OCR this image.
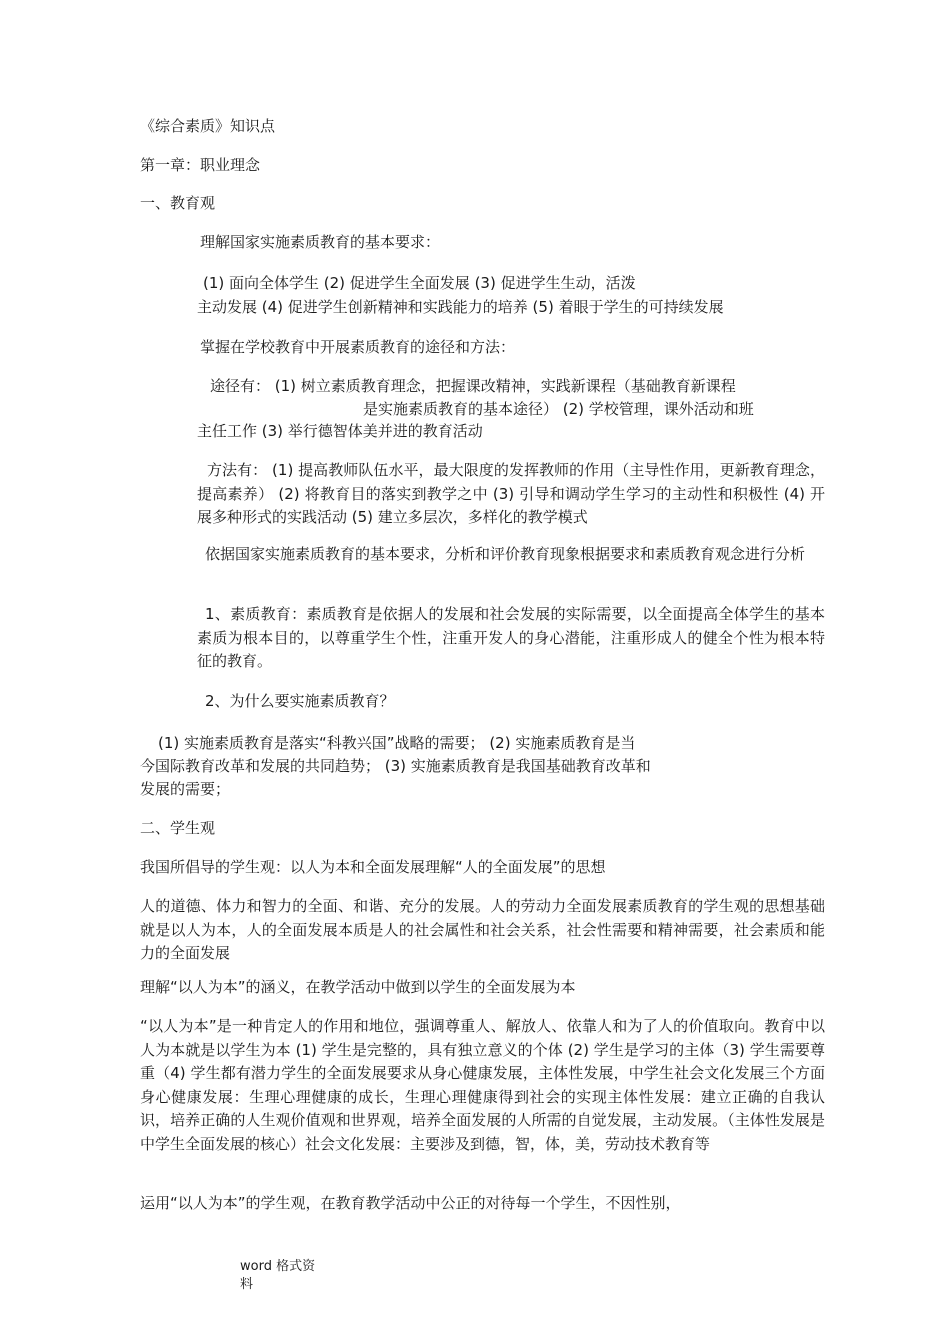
《综合素质》知识点

第一章：职业理念

一、教育观

理解国家实施素质教育的基本要求：

(1) 面向全体学生 (2) 促进学生全面发展 (3) 促进学生生动，活泼

主动发展 (4) 促进学生创新精神和实践能力的培养 (5) 着眼于学生的可持续发展

掌握在学校教育中开展素质教育的途径和方法：

途径有： (1) 树立素质教育理念，把握课改精神，实践新课程（基础教育新课程

是实施素质教育的基本途径） (2) 学校管理，课外活动和班

主任工作 (3) 举行德智体美并进的教育活动

方法有： (1) 提高教师队伍水平，最大限度的发挥教师的作用（主导性作用，更新教育理念，提高素养） (2) 将教育目的落实到教学之中 (3) 引导和调动学生学习的主动性和积极性 (4) 开展多种形式的实践活动 (5) 建立多层次，多样化的教学模式

依据国家实施素质教育的基本要求，分析和评价教育现象根据要求和素质教育观念进行分析

1、素质教育：素质教育是依据人的发展和社会发展的实际需要，以全面提高全体学生的基本素质为根本目的，以尊重学生个性，注重开发人的身心潜能，注重形成人的健全个性为根本特征的教育。

2、为什么要实施素质教育？

(1) 实施素质教育是落实“科教兴国”战略的需要； (2) 实施素质教育是当

今国际教育改革和发展的共同趋势； (3) 实施素质教育是我国基础教育改革和

发展的需要；

二、学生观

我国所倡导的学生观：以人为本和全面发展理解“人的全面发展”的思想

人的道德、体力和智力的全面、和谐、充分的发展。人的劳动力全面发展素质教育的学生观的思想基础就是以人为本，人的全面发展本质是人的社会属性和社会关系，社会性需要和精神需要，社会素质和能力的全面发展

理解“以人为本”的涵义，在教学活动中做到以学生的全面发展为本

“以人为本”是一种肯定人的作用和地位，强调尊重人、解放人、依靠人和为了人的价值取向。教育中以人为本就是以学生为本 (1) 学生是完整的，具有独立意义的个体 (2) 学生是学习的主体（3) 学生需要尊重（4) 学生都有潜力学生的全面发展要求从身心健康发展，主体性发展，中学生社会文化发展三个方面身心健康发展：生理心理健康的成长，生理心理健康得到社会的实现主体性发展：建立正确的自我认识，培养正确的人生观价值观和世界观，培养全面发展的人所需的自觉发展，主动发展。（主体性发展是中学生全面发展的核心）社会文化发展：主要涉及到德，智，体，美，劳动技术教育等

运用“以人为本”的学生观，在教育教学活动中公正的对待每一个学生，不因性别，

word 格式资
料
